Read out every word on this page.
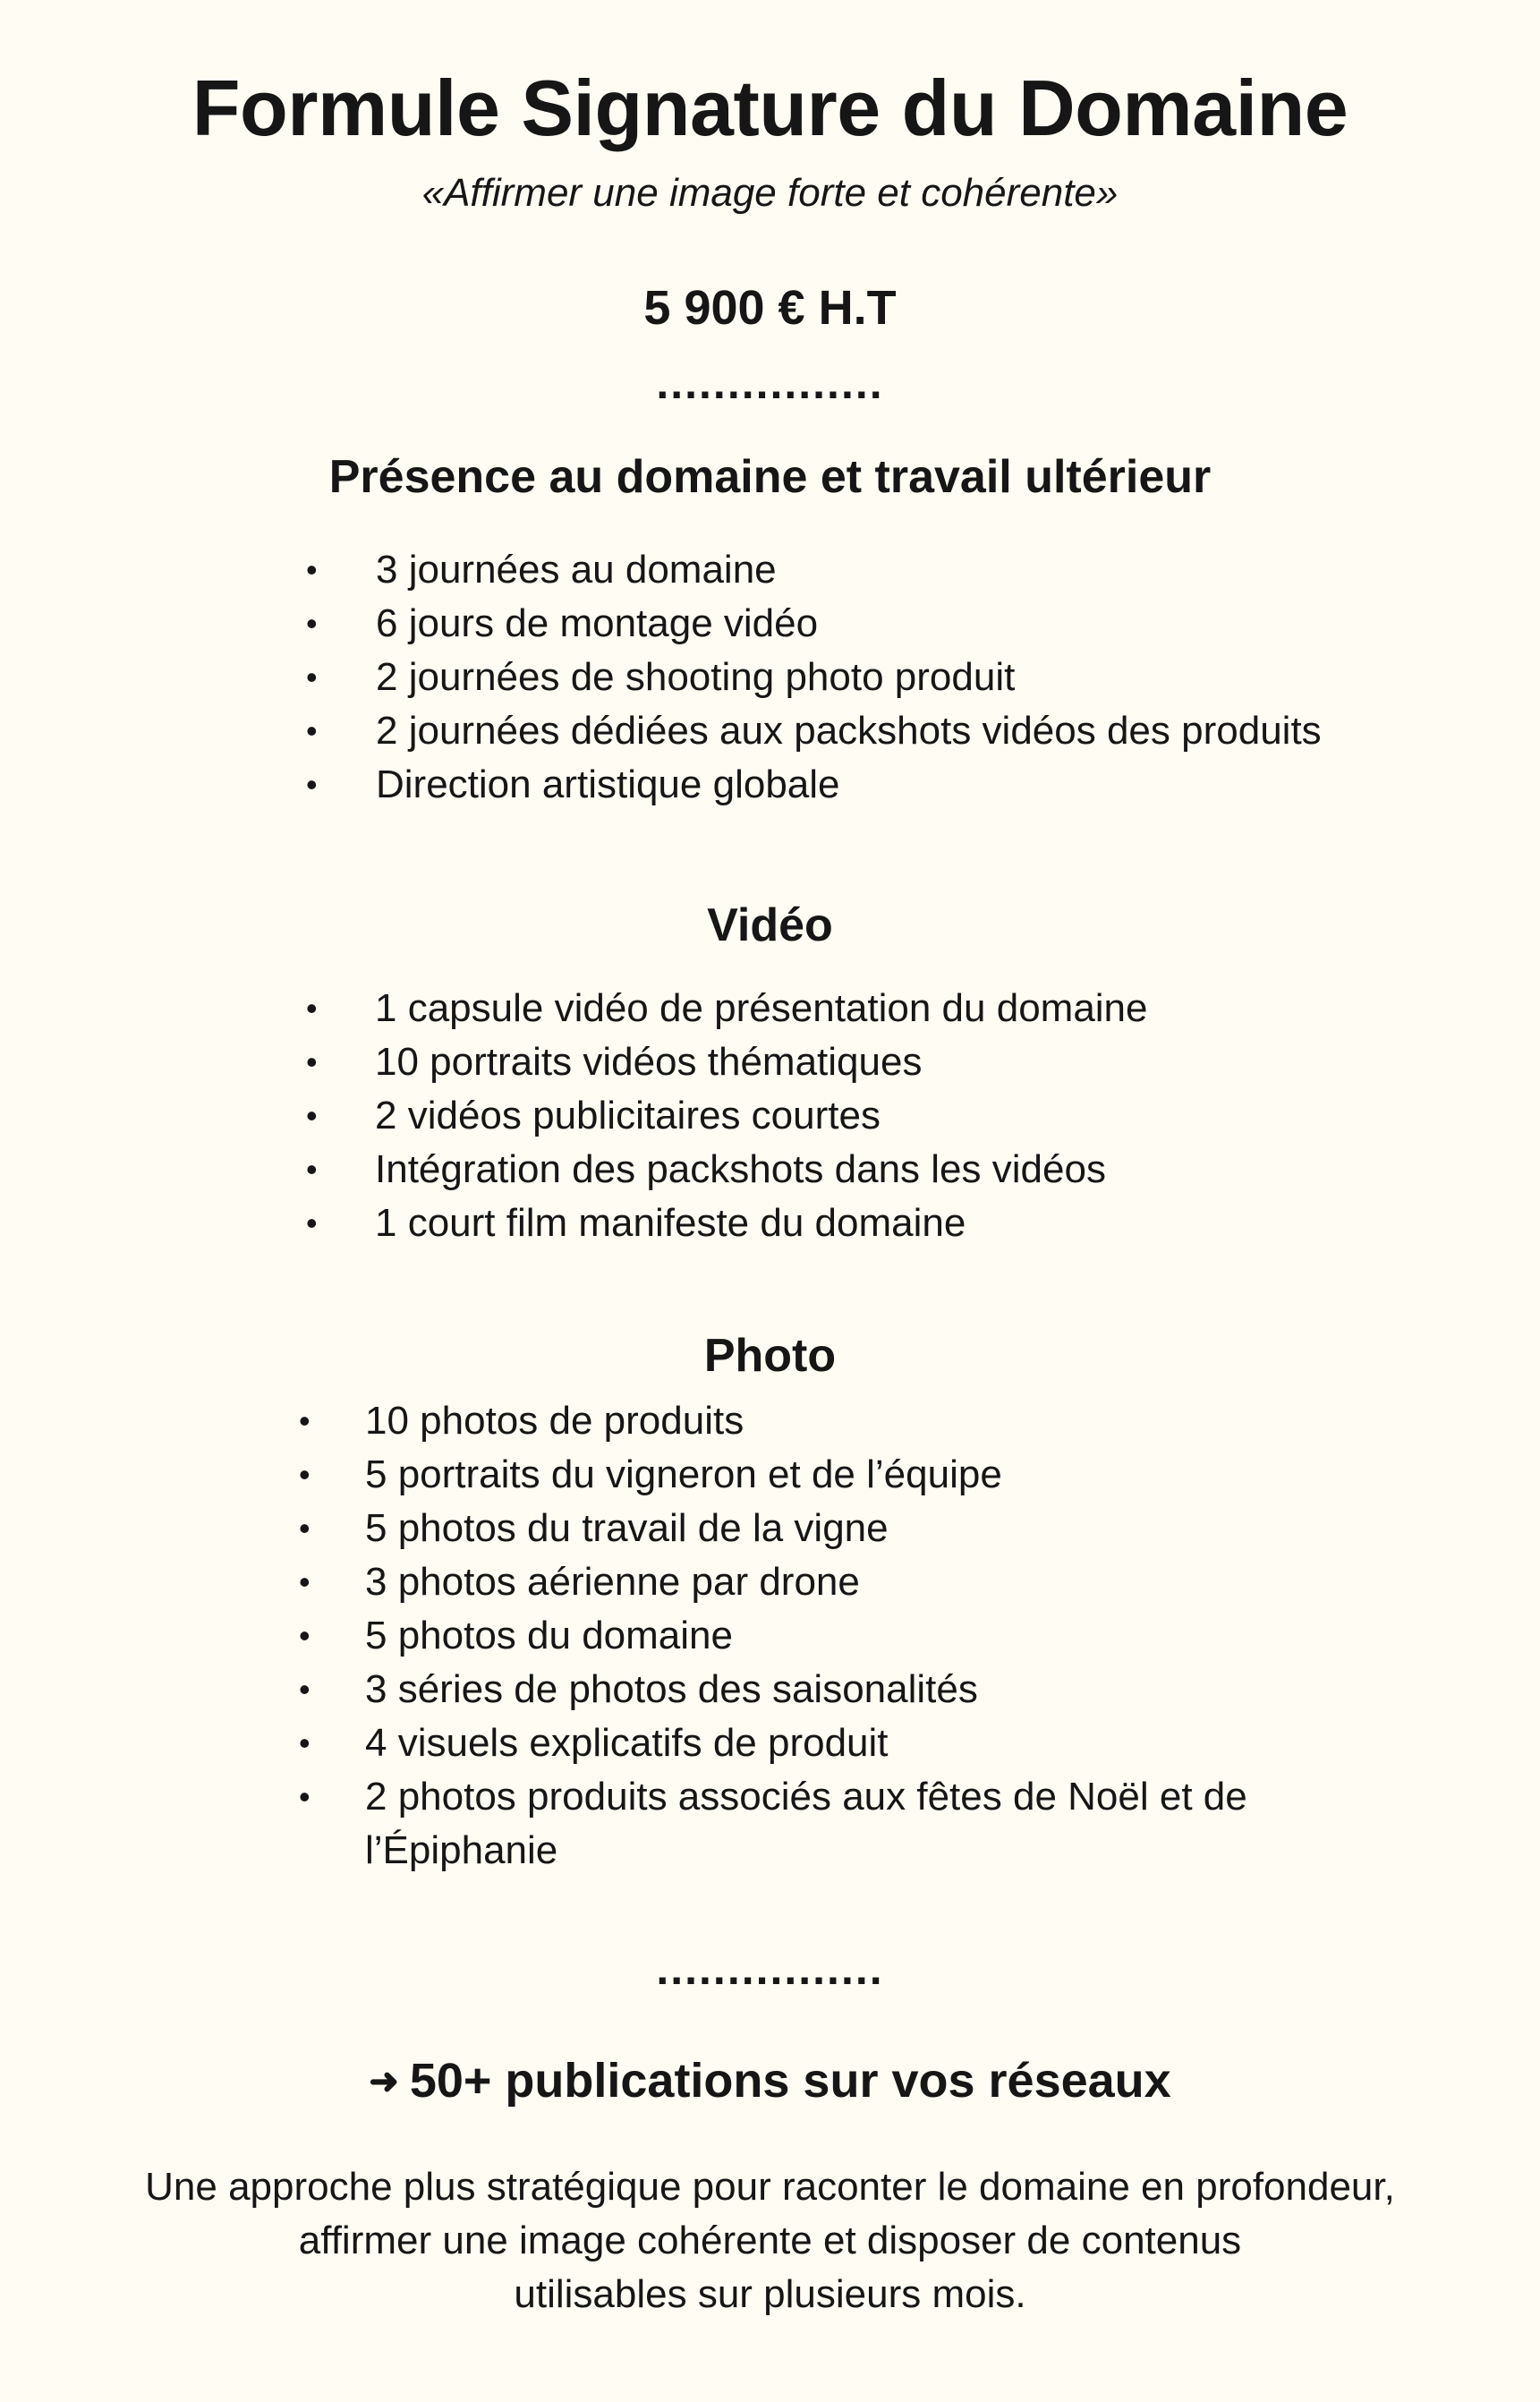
Formule Signature du Domaine

«Affirmer une image forte et cohérente»

5 900 € H.T

................
Présence au domaine et travail ultérieur
• 3 journées au domaine
• 6 jours de montage vidéo
• 2 journées de shooting photo produit
• 2 journées dédiées aux packshots vidéos des produits
• Direction artistique globale
Vidéo
• 1 capsule vidéo de présentation du domaine
• 10 portraits vidéos thématiques
• 2 vidéos publicitaires courtes
• Intégration des packshots dans les vidéos
• 1 court film manifeste du domaine
Photo
• 10 photos de produits
• 5 portraits du vigneron et de l’équipe
• 5 photos du travail de la vigne
• 3 photos aérienne par drone
• 5 photos du domaine
• 3 séries de photos des saisonalités
• 4 visuels explicatifs de produit
• 2 photos produits associés aux fêtes de Noël et de l’Épiphanie
................

➜ 50+ publications sur vos réseaux

Une approche plus stratégique pour raconter le domaine en profondeur,
affirmer une image cohérente et disposer de contenus
utilisables sur plusieurs mois.
